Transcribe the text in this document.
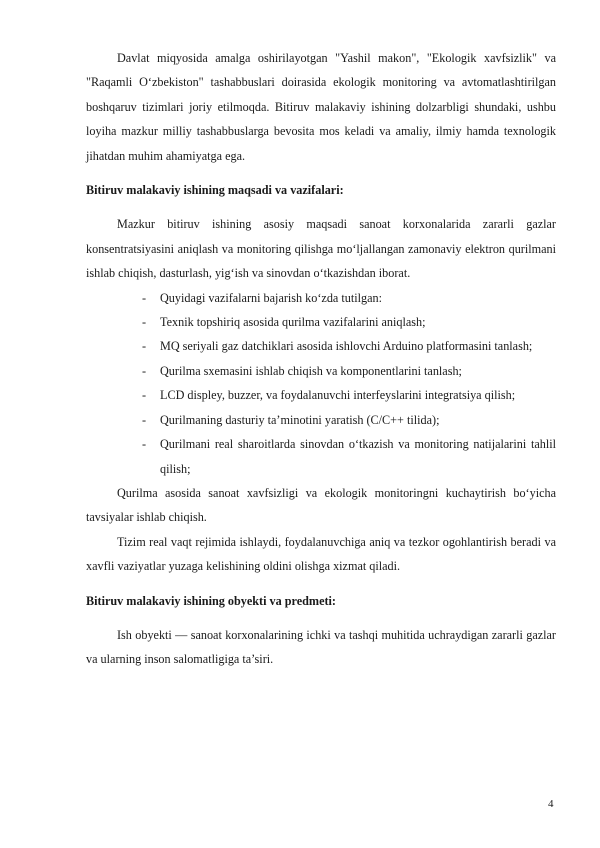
Davlat miqyosida amalga oshirilayotgan "Yashil makon", "Ekologik xavfsizlik" va "Raqamli O‘zbekiston" tashabbuslari doirasida ekologik monitoring va avtomatlashtirilgan boshqaruv tizimlari joriy etilmoqda. Bitiruv malakaviy ishining dolzarbligi shundaki, ushbu loyiha mazkur milliy tashabbuslarga bevosita mos keladi va amaliy, ilmiy hamda texnologik jihatdan muhim ahamiyatga ega.

Bitiruv malakaviy ishining maqsadi va vazifalari:

Mazkur bitiruv ishining asosiy maqsadi sanoat korxonalarida zararli gazlar konsentratsiyasini aniqlash va monitoring qilishga mo‘ljallangan zamonaviy elektron qurilmani ishlab chiqish, dasturlash, yig‘ish va sinovdan o‘tkazishdan iborat.

- Quyidagi vazifalarni bajarish ko‘zda tutilgan:
- Texnik topshiriq asosida qurilma vazifalarini aniqlash;
- MQ seriyali gaz datchiklari asosida ishlovchi Arduino platformasini tanlash;
- Qurilma sxemasini ishlab chiqish va komponentlarini tanlash;
- LCD displey, buzzer, va foydalanuvchi interfeyslarini integratsiya qilish;
- Qurilmaning dasturiy ta’minotini yaratish (C/C++ tilida);
- Qurilmani real sharoitlarda sinovdan o‘tkazish va monitoring natijalarini tahlil qilish;

Qurilma asosida sanoat xavfsizligi va ekologik monitoringni kuchaytirish bo‘yicha tavsiyalar ishlab chiqish.

Tizim real vaqt rejimida ishlaydi, foydalanuvchiga aniq va tezkor ogohlantirish beradi va xavfli vaziyatlar yuzaga kelishining oldini olishga xizmat qiladi.

Bitiruv malakaviy ishining obyekti va predmeti:

Ish obyekti — sanoat korxonalarining ichki va tashqi muhitida uchraydigan zararli gazlar va ularning inson salomatligiga ta’siri.

4
